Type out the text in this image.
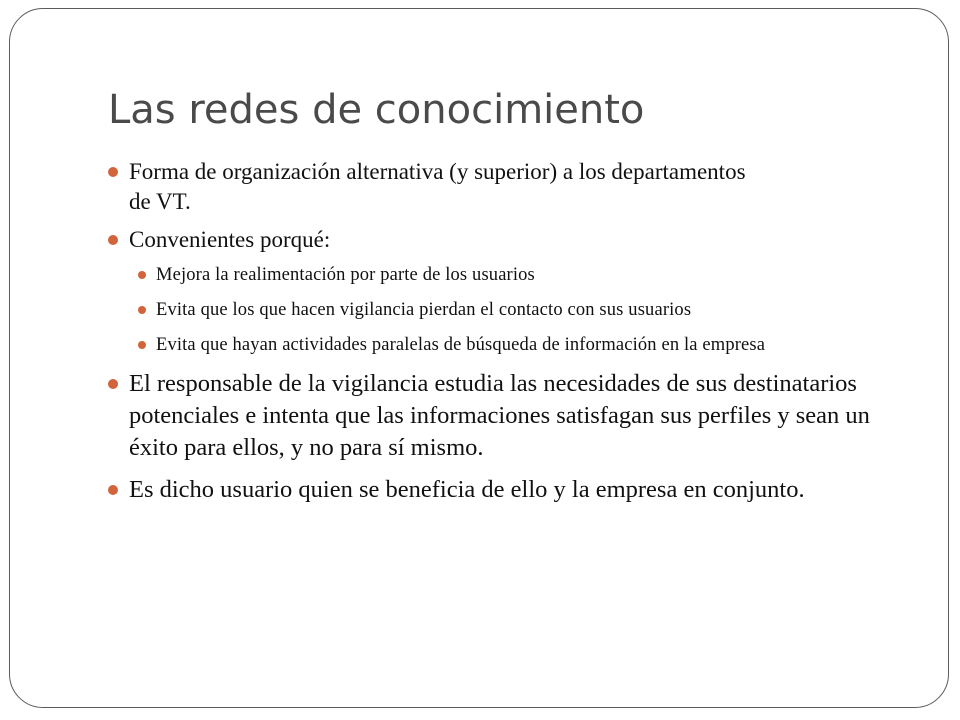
Las redes de conocimiento
Forma de organización alternativa (y superior) a los departamentos de VT.
Convenientes porqué:
Mejora la realimentación por parte de los usuarios
Evita que los que hacen vigilancia pierdan el contacto con sus usuarios
Evita que hayan actividades paralelas de búsqueda de información en la empresa
El responsable de la vigilancia estudia las necesidades de sus destinatarios potenciales e intenta que las informaciones satisfagan sus perfiles y sean un éxito para ellos, y no para sí mismo.
Es dicho usuario quien se beneficia de ello y la empresa en conjunto.
